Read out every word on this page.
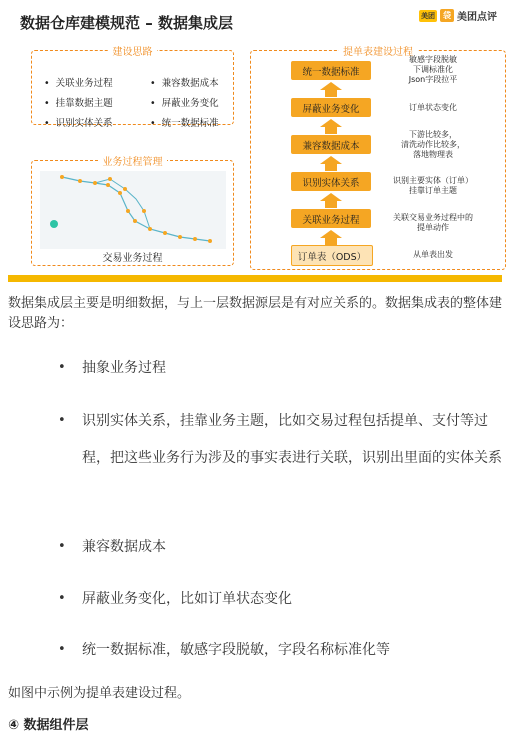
数据仓库建模规范 – 数据集成层	美团	袋 美团点评
建设思路
• 关联业务过程	• 兼容数据成本
• 挂靠数据主题	• 屏蔽业务变化
• 识别实体关系	• 统一数据标准
业务过程管理
交易业务过程
提单表建设过程
统一数据标准
屏蔽业务变化
兼容数据成本
识别实体关系
关联业务过程
订单表（ODS）
敏感字段脱敏
下调标准化
Json字段拉平
订单状态变化
下游比较多，
清洗动作比较多，
落地物理表
识别主要实体（订单）
挂靠订单主题
关联交易业务过程中的
提单动作
从单表出发
数据集成层主要是明细数据，与上一层数据源层是有对应关系的。数据集成表的整体建设思路为：
•	抽象业务过程
•	识别实体关系，挂靠业务主题，比如交易过程包括提单、支付等过程，把这些业务行为涉及的事实表进行关联，识别出里面的实体关系
•	兼容数据成本
•	屏蔽业务变化，比如订单状态变化
•	统一数据标准，敏感字段脱敏，字段名称标准化等
如图中示例为提单表建设过程。
④ 数据组件层
